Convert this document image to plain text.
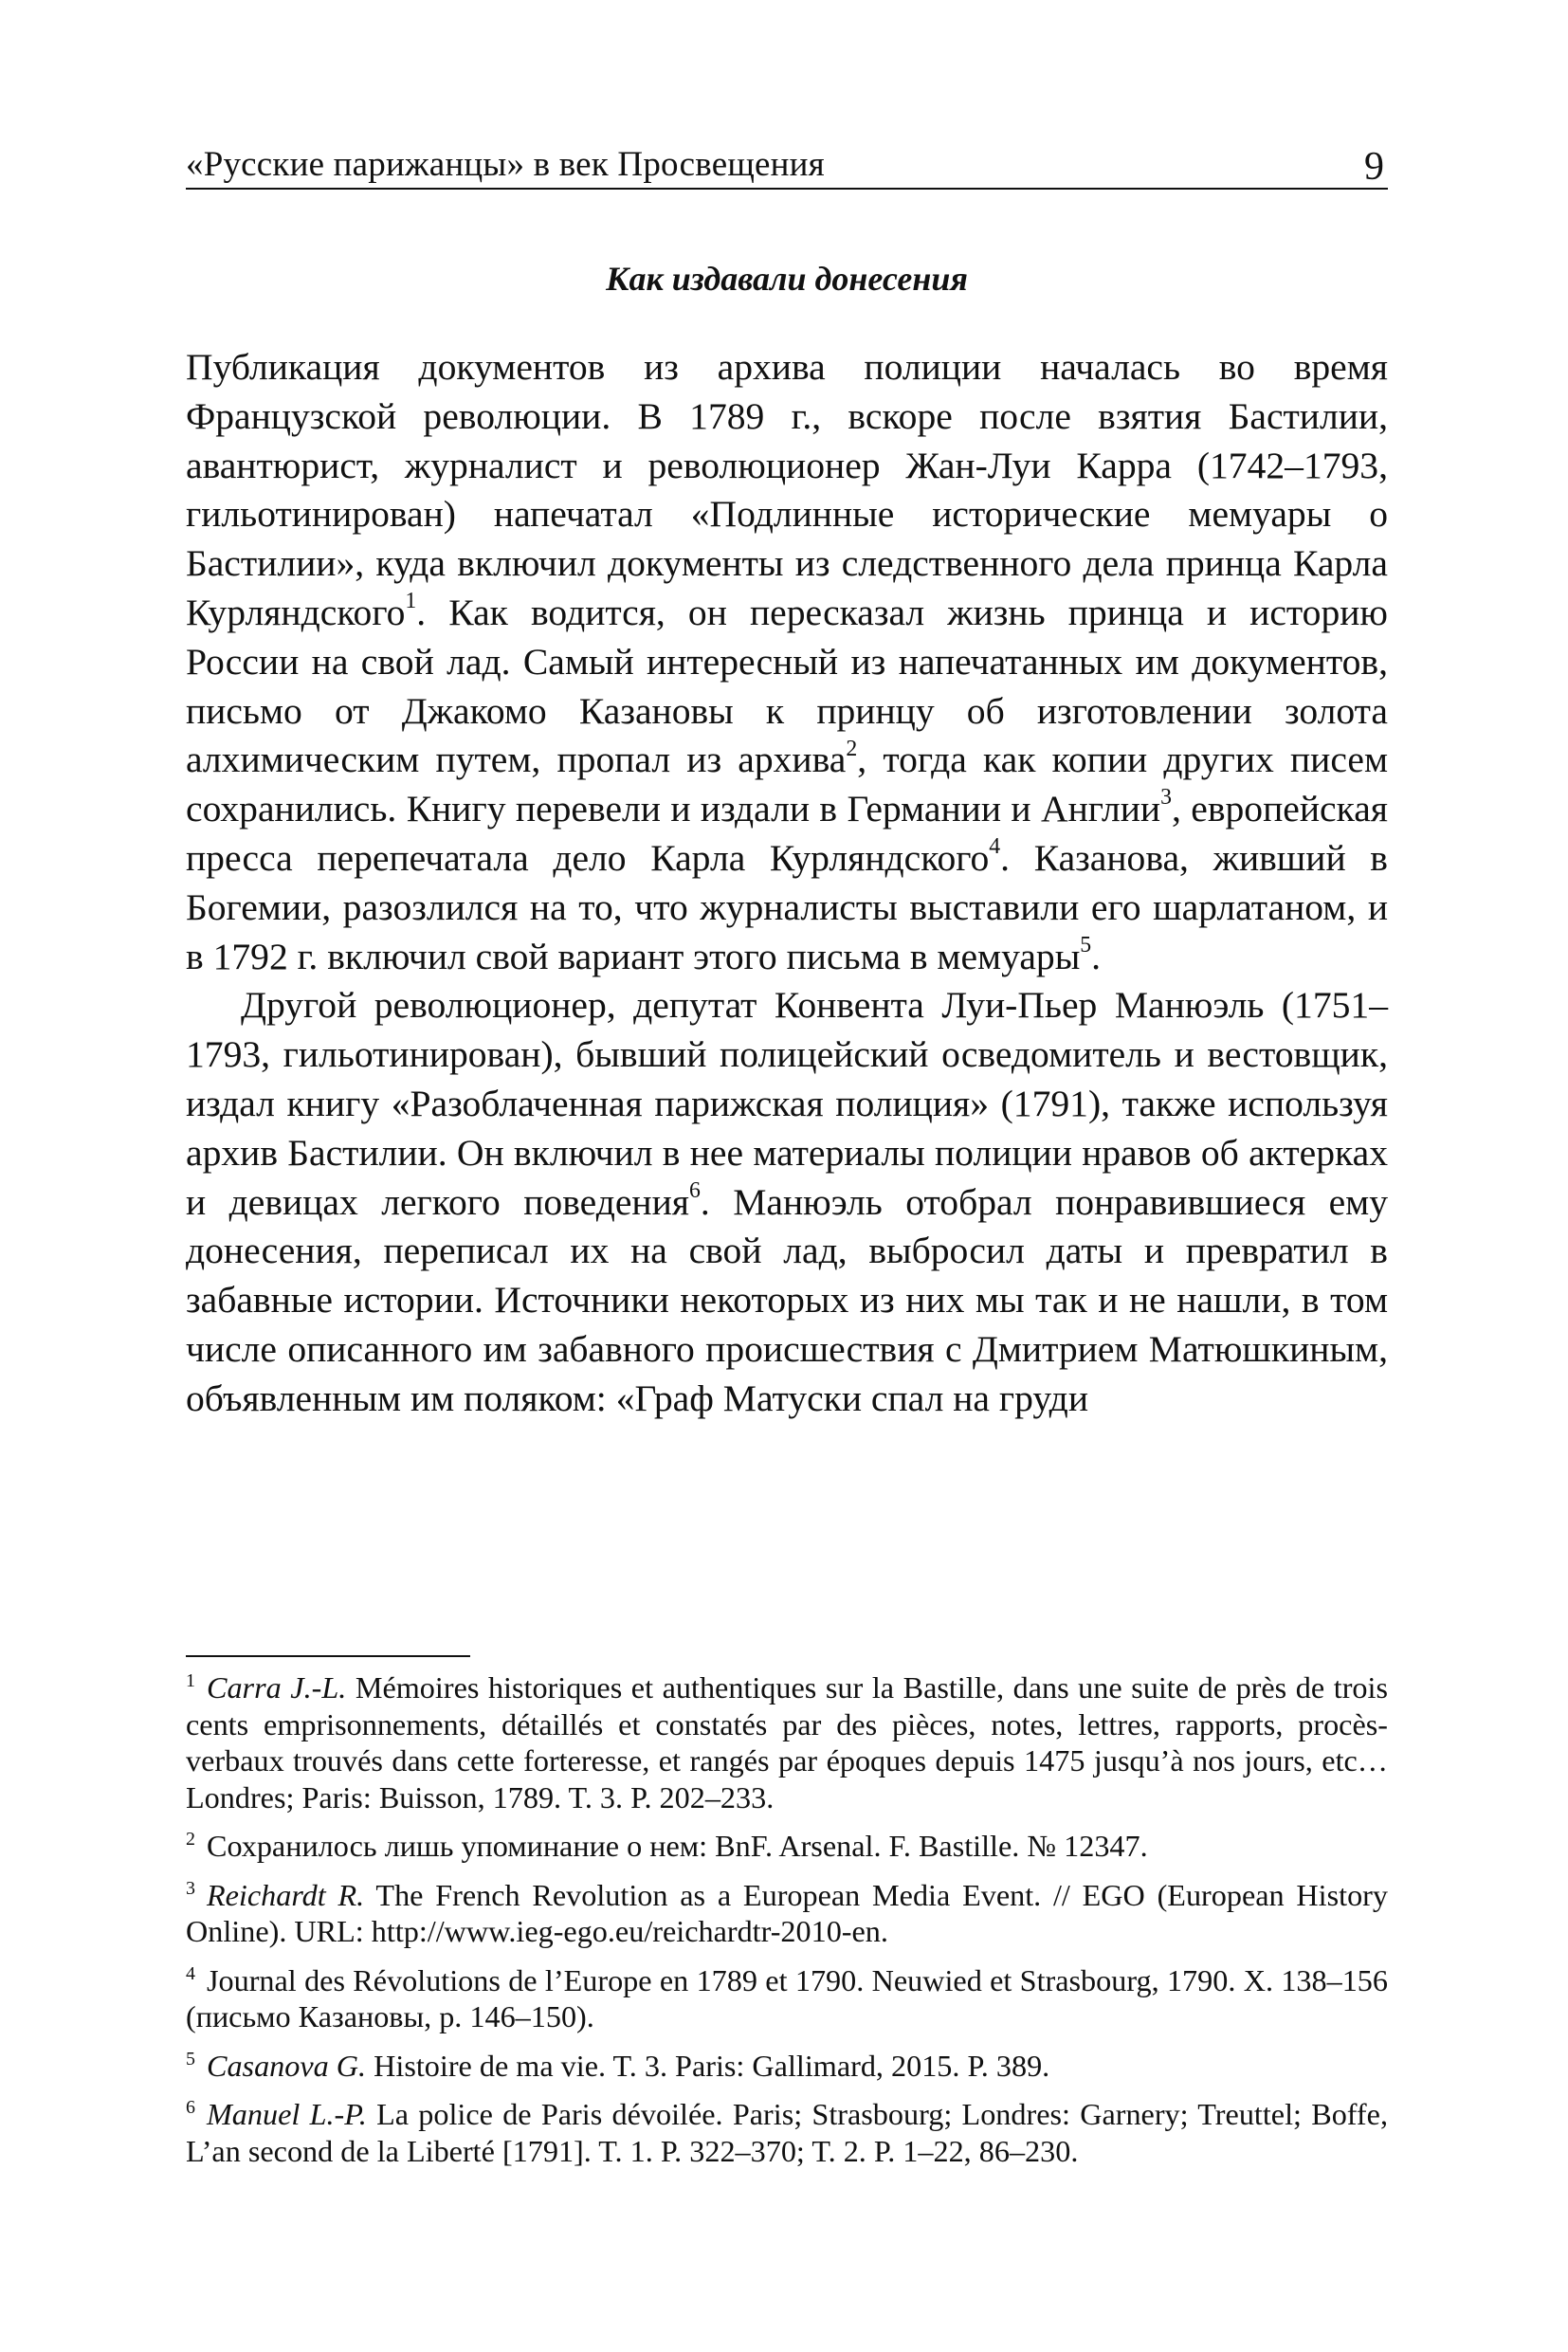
«Русские парижанцы» в век Просвещения	9
Как издавали донесения

Публикация документов из архива полиции началась во время Французской революции. В 1789 г., вскоре после взятия Бастилии, авантюрист, журналист и революционер Жан-Луи Карра (1742–1793, гильотинирован) напечатал «Подлинные исторические мемуары о Бастилии», куда включил документы из следственного дела принца Карла Курляндского$^1$. Как водится, он пересказал жизнь принца и историю России на свой лад. Самый интересный из напечатанных им документов, письмо от Джакомо Казановы к принцу об изготовлении золота алхимическим путем, пропал из архива$^2$, тогда как копии других писем сохранились. Книгу перевели и издали в Германии и Англии$^3$, европейская пресса перепечатала дело Карла Курляндского$^4$. Казанова, живший в Богемии, разозлился на то, что журналисты выставили его шарлатаном, и в 1792 г. включил свой вариант этого письма в мемуары$^5$.

Другой революционер, депутат Конвента Луи-Пьер Манюэль (1751–1793, гильотинирован), бывший полицейский осведомитель и вестовщик, издал книгу «Разоблаченная парижская полиция» (1791), также используя архив Бастилии. Он включил в нее материалы полиции нравов об актерках и девицах легкого поведения$^6$. Манюэль отобрал понравившиеся ему донесения, переписал их на свой лад, выбросил даты и превратил в забавные истории. Источники некоторых из них мы так и не нашли, в том числе описанного им забавного происшествия с Дмитрием Матюшкиным, объявленным им поляком: «Граф Матуски спал на груди

$^1$ Carra J.-L. Mémoires historiques et authentiques sur la Bastille, dans une suite de près de trois cents emprisonnements, détaillés et constatés par des pièces, notes, lettres, rapports, procès-verbaux trouvés dans cette forteresse, et rangés par époques depuis 1475 jusqu’à nos jours, etc… Londres; Paris: Buisson, 1789. T. 3. P. 202–233.

$^2$ Сохранилось лишь упоминание о нем: BnF. Arsenal. F. Bastille. № 12347.

$^3$ Reichardt R. The French Revolution as a European Media Event. // EGO (European History Online). URL: http://www.ieg-ego.eu/reichardtr-2010-en.

$^4$ Journal des Révolutions de l’Europe en 1789 et 1790. Neuwied et Strasbourg, 1790. X. 138–156 (письмо Казановы, р. 146–150).

$^5$ Casanova G. Histoire de ma vie. T. 3. Paris: Gallimard, 2015. P. 389.

$^6$ Manuel L.-P. La police de Paris dévoilée. Paris; Strasbourg; Londres: Garnery; Treuttel; Boffe, L’an second de la Liberté [1791]. T. 1. P. 322–370; T. 2. P. 1–22, 86–230.
